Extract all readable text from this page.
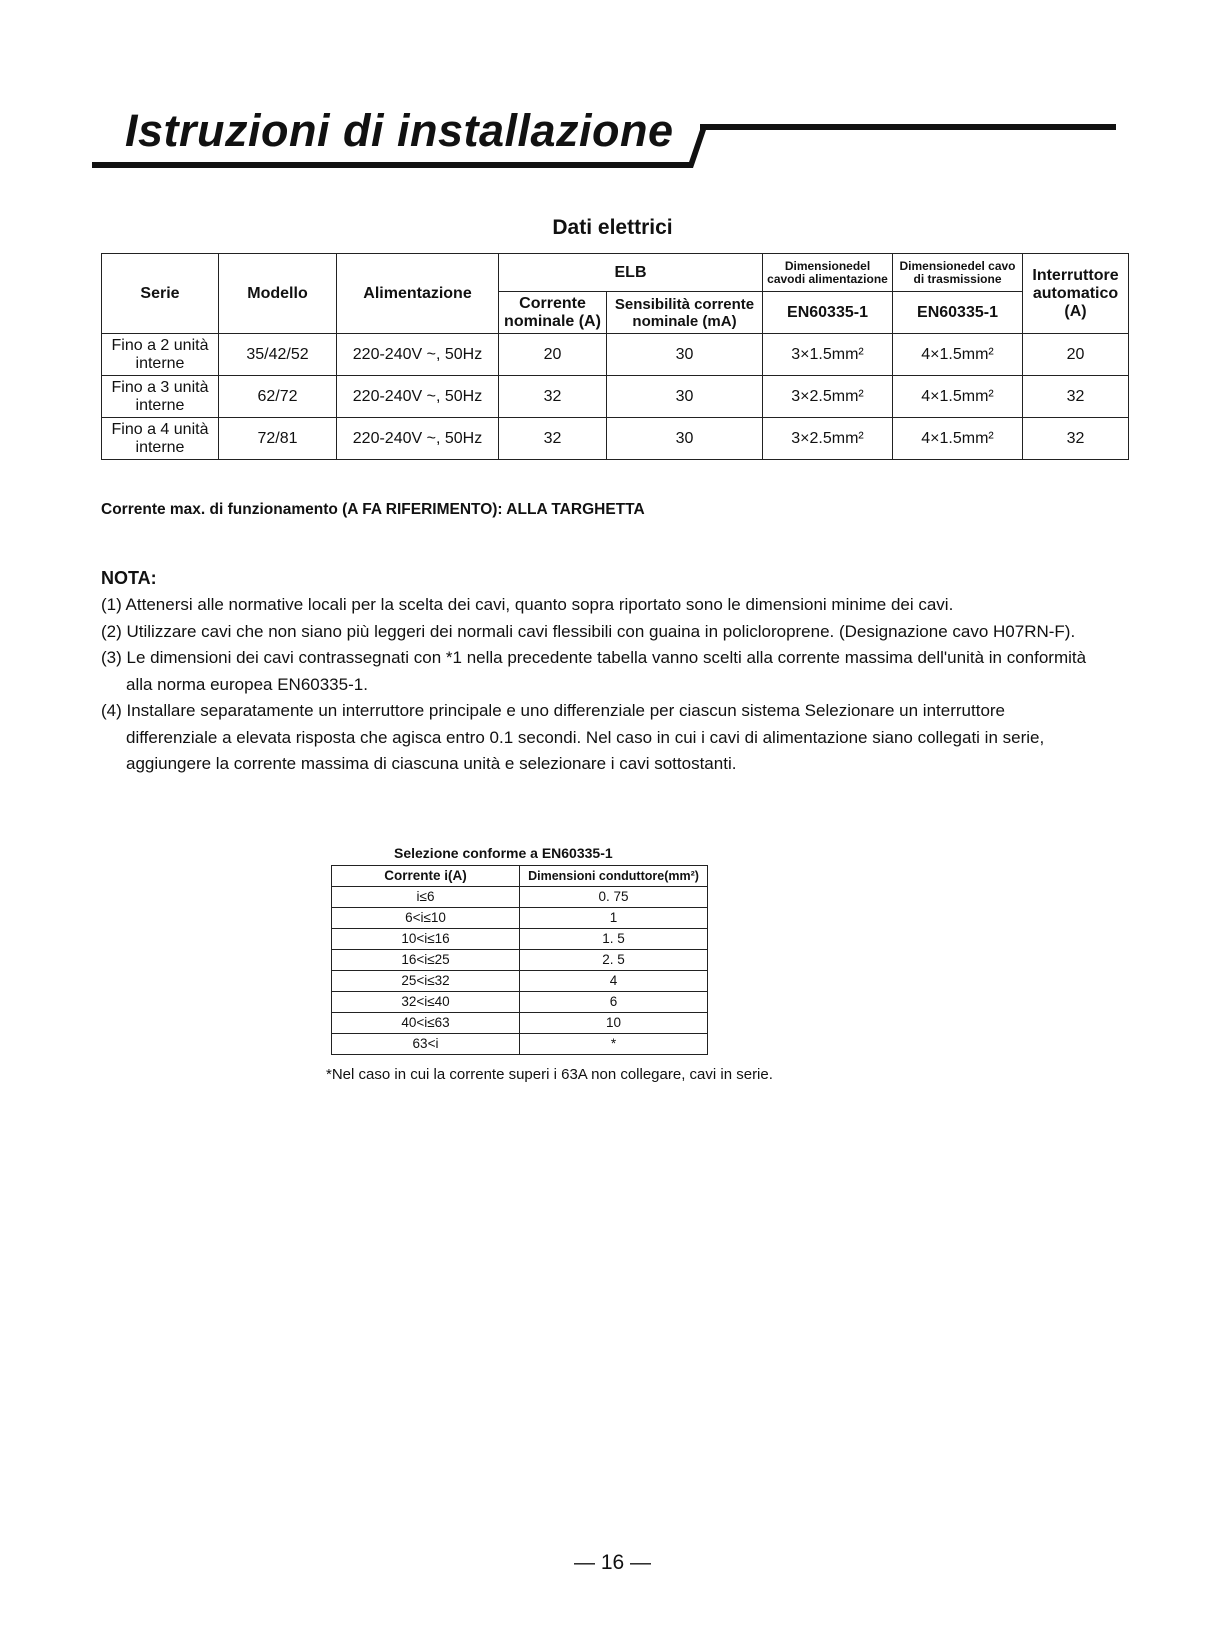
Istruzioni di installazione
Dati elettrici
Serie	Modello	Alimentazione	ELB		Dimensionedel cavodi alimentazione	Dimensionedel cavo di trasmissione	Interruttore automatico (A)
			Corrente nominale (A)	Sensibilità corrente nominale (mA)	EN60335-1	EN60335-1	
Fino a 2 unità interne	35/42/52	220-240V ~, 50Hz	20	30	3×1.5mm²	4×1.5mm²	20
Fino a 3 unità interne	62/72	220-240V ~, 50Hz	32	30	3×2.5mm²	4×1.5mm²	32
Fino a 4 unità interne	72/81	220-240V ~, 50Hz	32	30	3×2.5mm²	4×1.5mm²	32
Corrente max. di funzionamento (A FA RIFERIMENTO): ALLA TARGHETTA
NOTA:

(1) Attenersi alle normative locali per la scelta dei cavi, quanto sopra riportato sono le dimensioni minime dei cavi.

(2) Utilizzare cavi che non siano più leggeri dei normali cavi flessibili con guaina in policloroprene. (Designazione cavo H07RN-F).

(3) Le dimensioni dei cavi contrassegnati con *1 nella precedente tabella vanno scelti alla corrente massima dell'unità in conformità alla norma europea EN60335-1.

(4) Installare separatamente un interruttore principale e uno differenziale per ciascun sistema Selezionare un interruttore differenziale a elevata risposta che agisca entro 0.1 secondi. Nel caso in cui i cavi di alimentazione siano collegati in serie, aggiungere la corrente massima di ciascuna unità e selezionare i cavi sottostanti.

Selezione conforme a EN60335-1
Corrente i(A)	Dimensioni conduttore(mm²)
i≤6	0. 75
6<i≤10	1
10<i≤16	1. 5
16<i≤25	2. 5
25<i≤32	4
32<i≤40	6
40<i≤63	10
63<i	*
*Nel caso in cui la corrente superi i 63A non collegare, cavi in serie.
— 16 —
